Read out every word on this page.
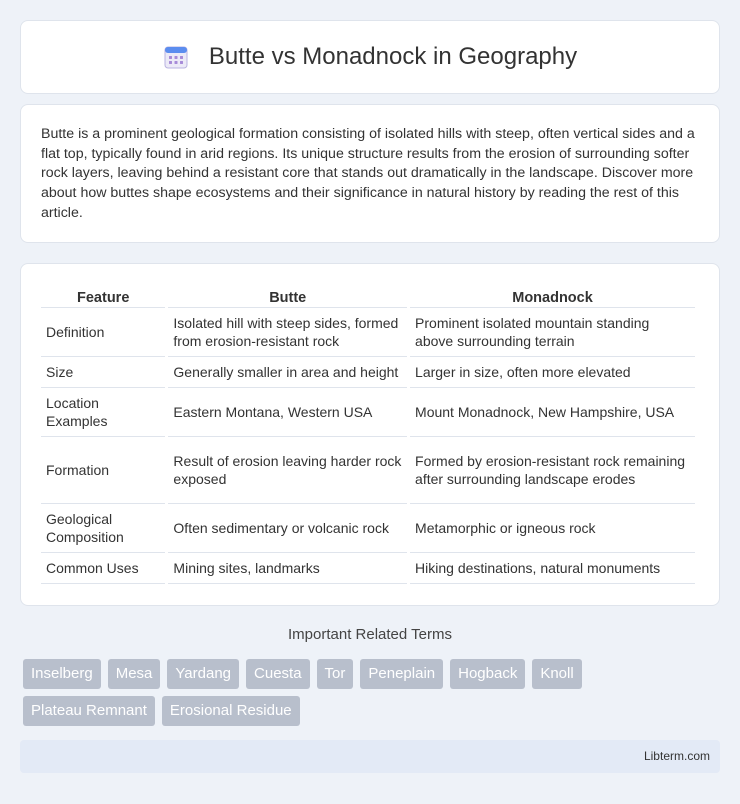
Butte vs Monadnock in Geography

Butte is a prominent geological formation consisting of isolated hills with steep, often vertical sides and a flat top, typically found in arid regions. Its unique structure results from the erosion of surrounding softer rock layers, leaving behind a resistant core that stands out dramatically in the landscape. Discover more about how buttes shape ecosystems and their significance in natural history by reading the rest of this article.

Feature	Butte	Monadnock
Definition	Isolated hill with steep sides, formed from erosion-resistant rock	Prominent isolated mountain standing above surrounding terrain
Size	Generally smaller in area and height	Larger in size, often more elevated
Location Examples	Eastern Montana, Western USA	Mount Monadnock, New Hampshire, USA
Formation	Result of erosion leaving harder rock exposed	Formed by erosion-resistant rock remaining after surrounding landscape erodes
Geological Composition	Often sedimentary or volcanic rock	Metamorphic or igneous rock
Common Uses	Mining sites, landmarks	Hiking destinations, natural monuments
Important Related Terms
Inselberg	Mesa	Yardang	Cuesta	Tor	Peneplain	Hogback	Knoll
Plateau Remnant	Erosional Residue
Libterm.com
